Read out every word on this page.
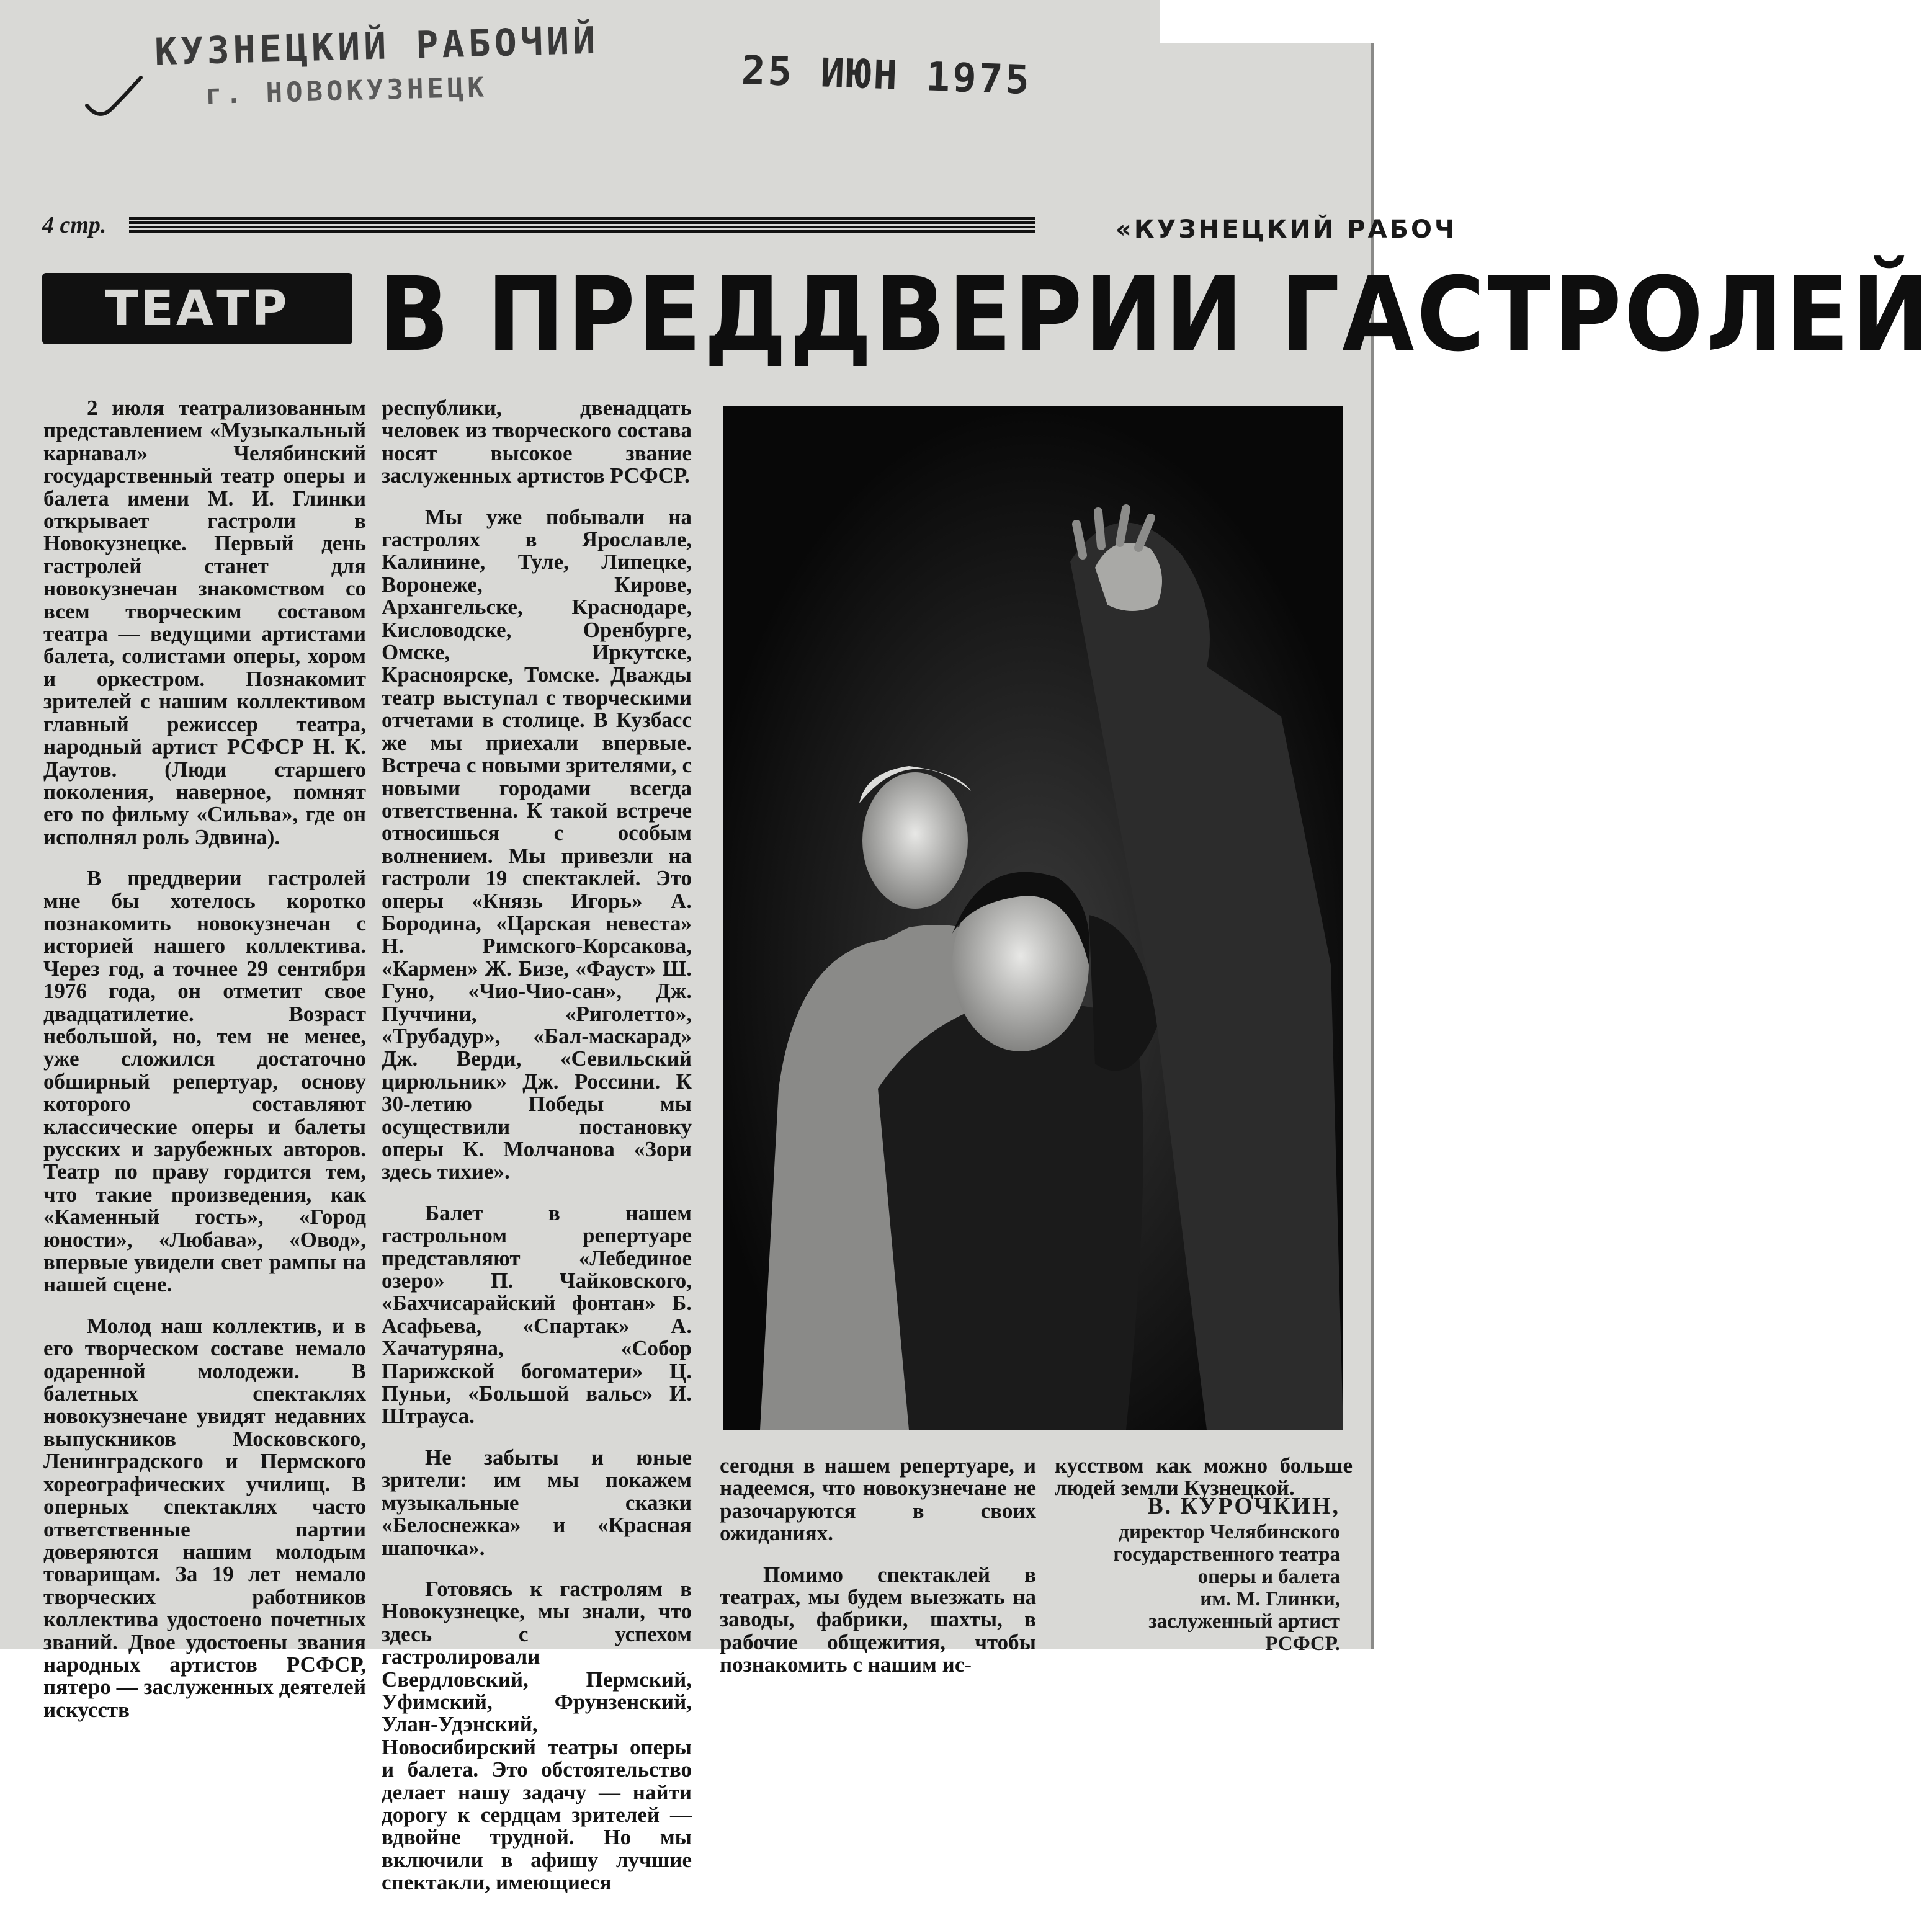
КУЗНЕЦКИЙ РАБОЧИЙ
г. НОВОКУЗНЕЦК	25 ИЮН 1975
4 стр.	«КУЗНЕЦКИЙ РАБОЧ
ТЕАТР В ПРЕДДВЕРИИ ГАСТРОЛЕЙ

2 июля театрализованным представлением «Музыкальный карнавал» Челябинский государственный театр оперы и балета имени М. И. Глинки открывает гастроли в Новокузнецке. Первый день гастролей станет для новокузнечан знакомством со всем творческим составом театра — ведущими артистами балета, солистами оперы, хором и оркестром. Познакомит зрителей с нашим коллективом главный режиссер театра, народный артист РСФСР Н. К. Даутов. (Люди старшего поколения, наверное, помнят его по фильму «Сильва», где он исполнял роль Эдвина).

В преддверии гастролей мне бы хотелось коротко познакомить новокузнечан с историей нашего коллектива. Через год, а точнее 29 сентября 1976 года, он отметит свое двадцатилетие. Возраст небольшой, но, тем не менее, уже сложился достаточно обширный репертуар, основу которого составляют классические оперы и балеты русских и зарубежных авторов. Театр по праву гордится тем, что такие произведения, как «Каменный гость», «Город юности», «Любава», «Овод», впервые увидели свет рампы на нашей сцене.

Молод наш коллектив, и в его творческом составе немало одаренной молодежи. В балетных спектаклях новокузнечане увидят недавних выпускников Московского, Ленинградского и Пермского хореографических училищ. В оперных спектаклях часто ответственные партии доверяются нашим молодым товарищам. За 19 лет немало творческих работников коллектива удостоено почетных званий. Двое удостоены звания народных артистов РСФСР, пятеро — заслуженных деятелей искусств

республики, двенадцать человек из творческого состава носят высокое звание заслуженных артистов РСФСР.

Мы уже побывали на гастролях в Ярославле, Калинине, Туле, Липецке, Воронеже, Кирове, Архангельске, Краснодаре, Кисловодске, Оренбурге, Омске, Иркутске, Красноярске, Томске. Дважды театр выступал с творческими отчетами в столице. В Кузбасс же мы приехали впервые. Встреча с новыми зрителями, с новыми городами всегда ответственна. К такой встрече относишься с особым волнением. Мы привезли на гастроли 19 спектаклей. Это оперы «Князь Игорь» А. Бородина, «Царская невеста» Н. Римского-Корсакова, «Кармен» Ж. Бизе, «Фауст» Ш. Гуно, «Чио-Чио-сан», Дж. Пуччини, «Риголетто», «Трубадур», «Бал-маскарад» Дж. Верди, «Севильский цирюльник» Дж. Россини. К 30-летию Победы мы осуществили постановку оперы К. Молчанова «Зори здесь тихие».

Балет в нашем гастрольном репертуаре представляют «Лебединое озеро» П. Чайковского, «Бахчисарайский фонтан» Б. Асафьева, «Спартак» А. Хачатуряна, «Собор Парижской богоматери» Ц. Пуньи, «Большой вальс» И. Штрауса.

Не забыты и юные зрители: им мы покажем музыкальные сказки «Белоснежка» и «Красная шапочка».

Готовясь к гастролям в Новокузнецке, мы знали, что здесь с успехом гастролировали Свердловский, Пермский, Уфимский, Фрунзенский, Улан-Удэнский, Новосибирский театры оперы и балета. Это обстоятельство делает нашу задачу — найти дорогу к сердцам зрителей — вдвойне трудной. Но мы включили в афишу лучшие спектакли, имеющиеся

сегодня в нашем репертуаре, и надеемся, что новокузнечане не разочаруются в своих ожиданиях.

Помимо спектаклей в театрах, мы будем выезжать на заводы, фабрики, шахты, в рабочие общежития, чтобы познакомить с нашим ис-

кусством как можно больше людей земли Кузнецкой.

В. КУРОЧКИН,
директор Челябинского
государственного театра
оперы и балета
им. М. Глинки,
заслуженный артист
РСФСР.
